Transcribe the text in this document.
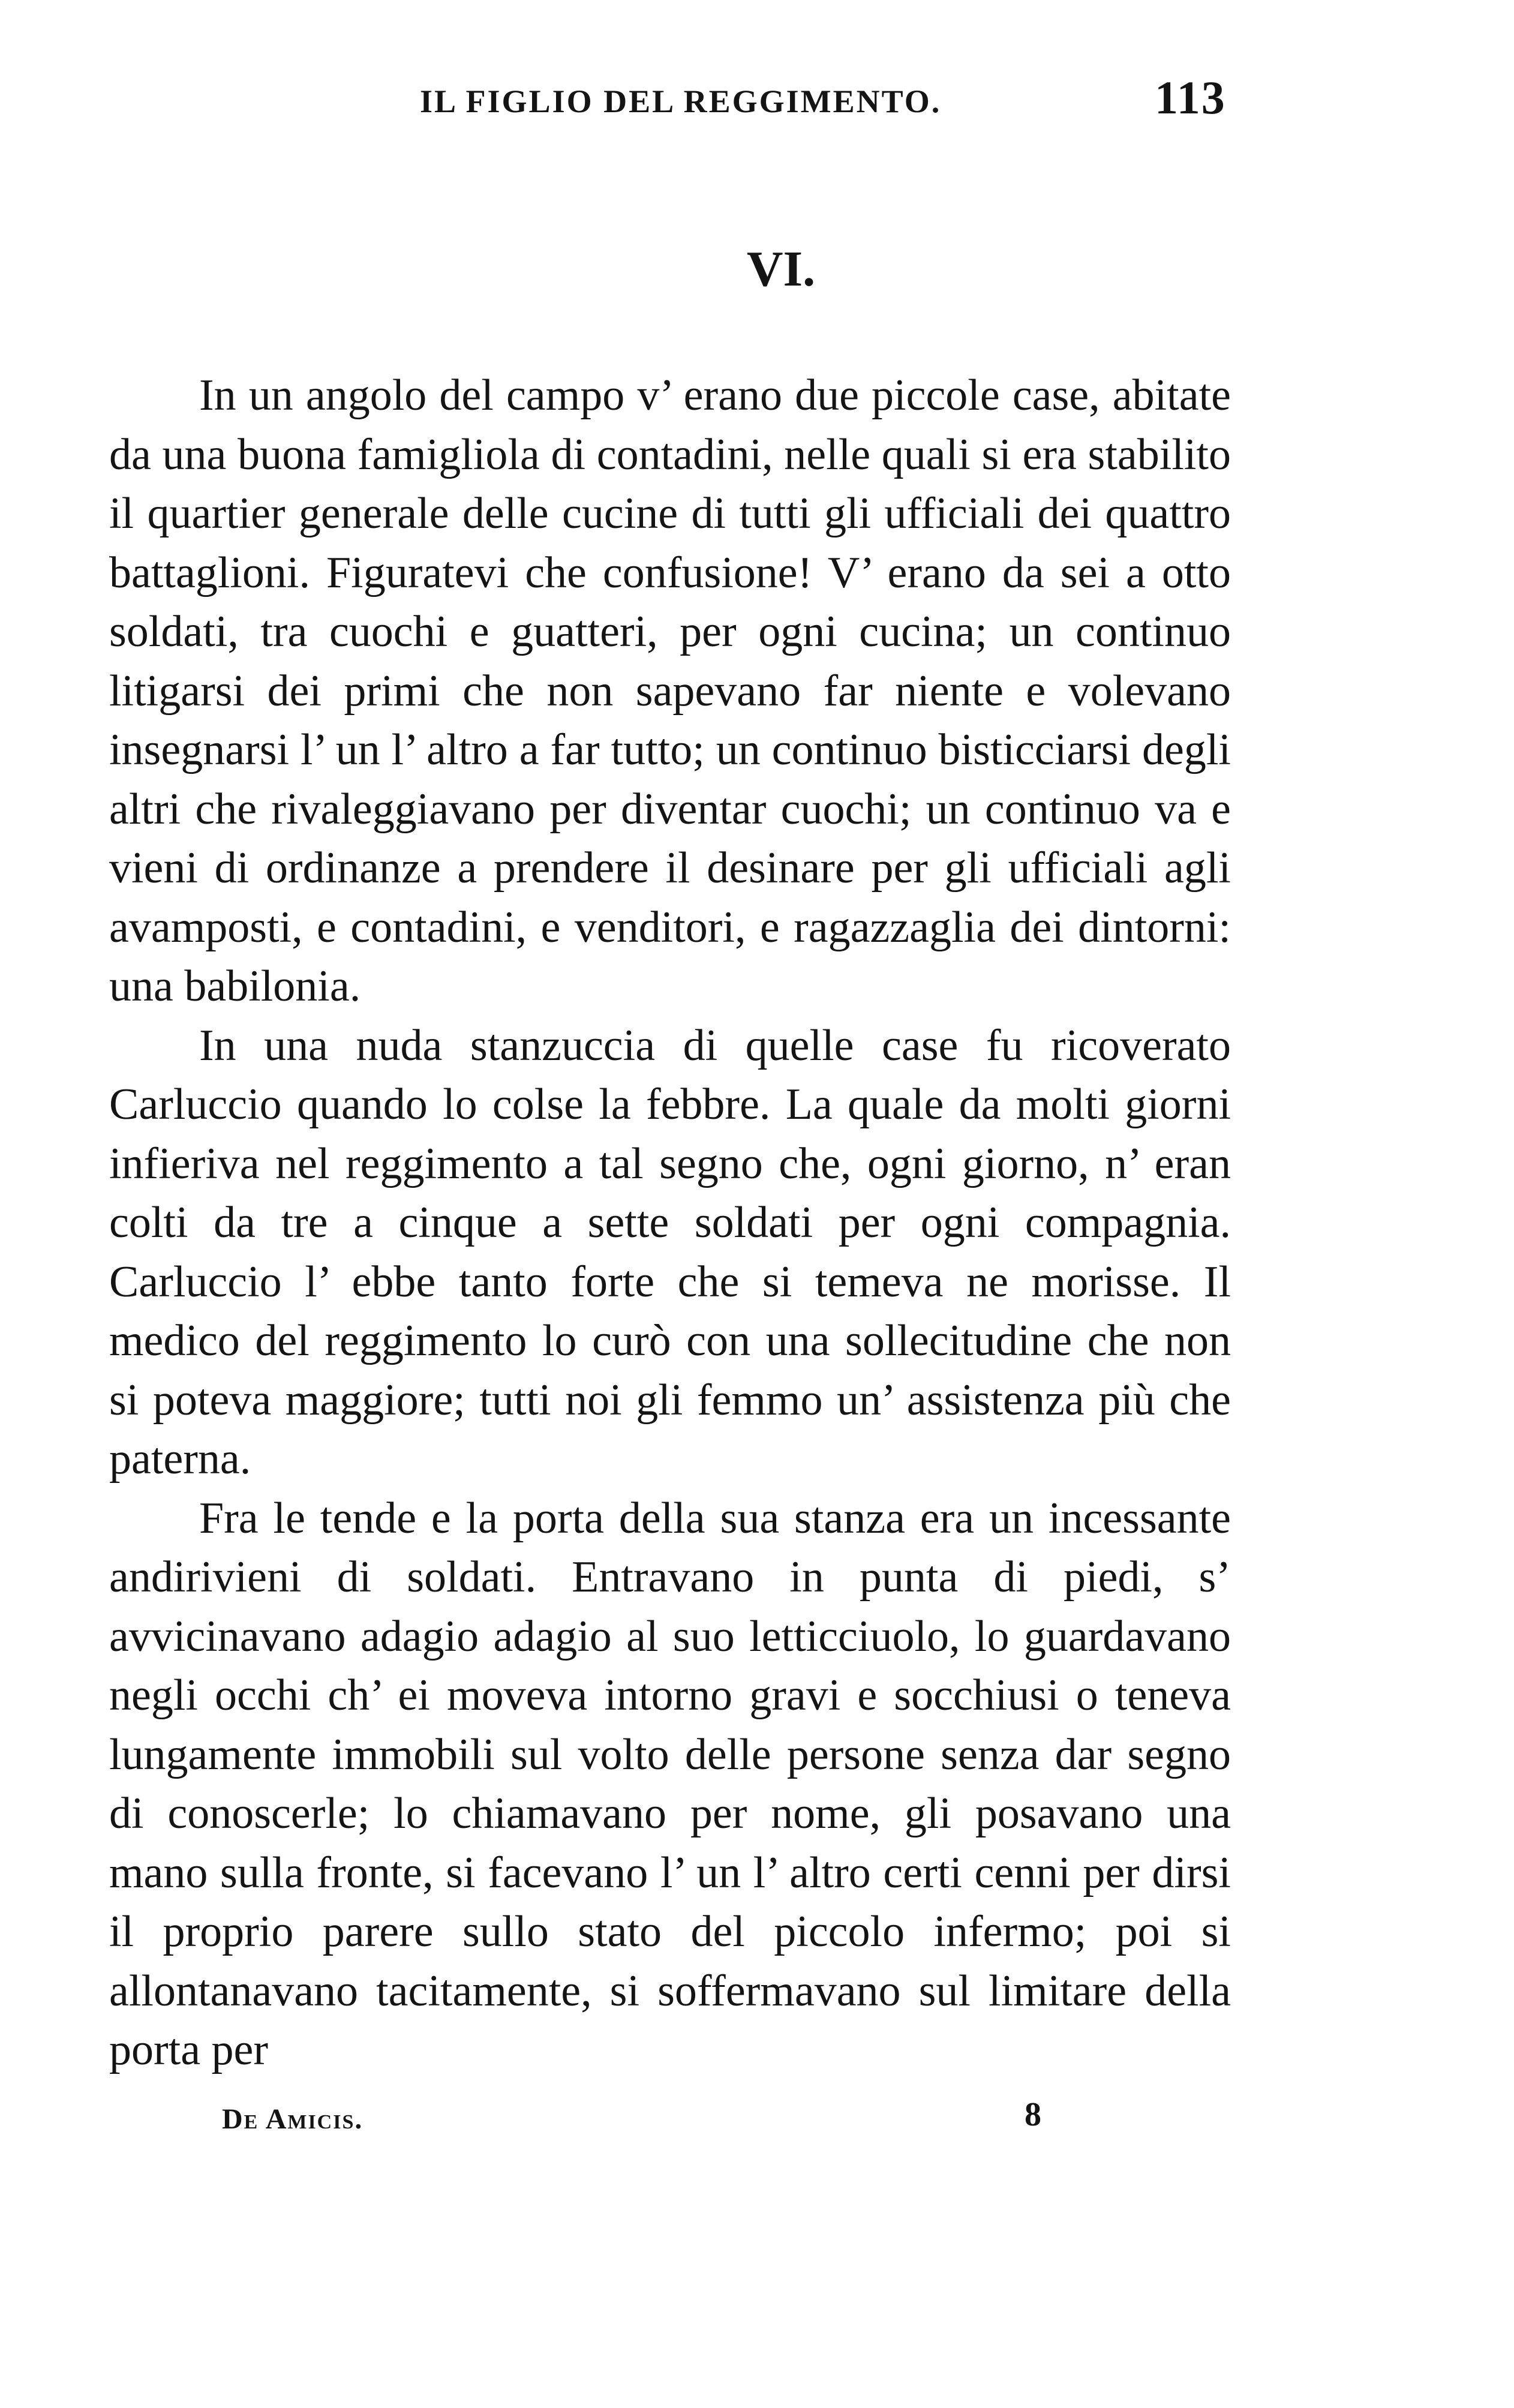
IL FIGLIO DEL REGGIMENTO.	113
VI.

In un angolo del campo v’ erano due piccole case, abitate da una buona famigliola di contadini, nelle quali si era stabilito il quartier generale delle cucine di tutti gli ufficiali dei quattro battaglioni. Figuratevi che confusione! V’ erano da sei a otto soldati, tra cuochi e guatteri, per ogni cucina; un continuo litigarsi dei primi che non sapevano far niente e volevano insegnarsi l’ un l’ altro a far tutto; un continuo bisticciarsi degli altri che rivaleggiavano per diventar cuochi; un continuo va e vieni di ordinanze a prendere il desinare per gli ufficiali agli avamposti, e contadini, e venditori, e ragazzaglia dei dintorni: una babilonia.

In una nuda stanzuccia di quelle case fu ricoverato Carluccio quando lo colse la febbre. La quale da molti giorni infieriva nel reggimento a tal segno che, ogni giorno, n’ eran colti da tre a cinque a sette soldati per ogni compagnia. Carluccio l’ ebbe tanto forte che si temeva ne morisse. Il medico del reggimento lo curò con una sollecitudine che non si poteva maggiore; tutti noi gli femmo un’ assistenza più che paterna.

Fra le tende e la porta della sua stanza era un incessante andirivieni di soldati. Entravano in punta di piedi, s’ avvicinavano adagio adagio al suo letticciuolo, lo guardavano negli occhi ch’ ei moveva intorno gravi e socchiusi o teneva lungamente immobili sul volto delle persone senza dar segno di conoscerle; lo chiamavano per nome, gli posavano una mano sulla fronte, si facevano l’ un l’ altro certi cenni per dirsi il proprio parere sullo stato del piccolo infermo; poi si allontanavano tacitamente, si soffermavano sul limitare della porta per

De Amicis.	8
